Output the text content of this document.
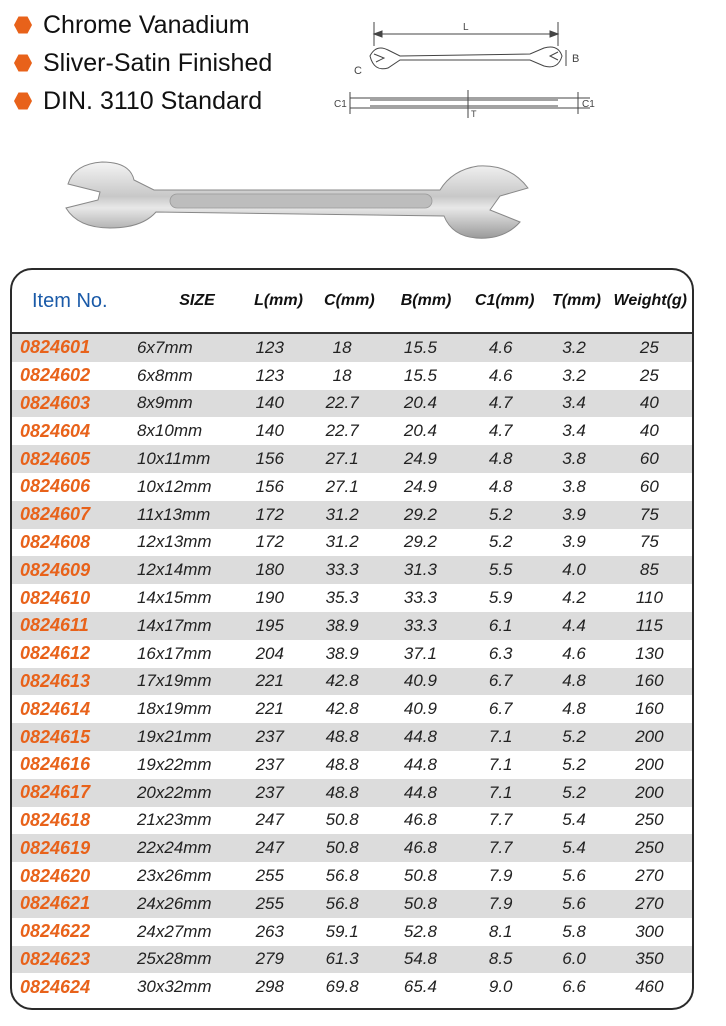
Chrome Vanadium
Sliver-Satin Finished
DIN. 3110 Standard
L
B
C
C1	C1
T
Item No.	SIZE	L(mm)	C(mm)	B(mm)	C1(mm)	T(mm) Weight(g)
0824601	6x7mm	123	18	15.5	4.6	3.2	25
0824602	6x8mm	123	18	15.5	4.6	3.2	25
0824603	8x9mm	140	22.7	20.4	4.7	3.4	40
0824604	8x10mm	140	22.7	20.4	4.7	3.4	40
0824605	10x11mm	156	27.1	24.9	4.8	3.8	60
0824606	10x12mm	156	27.1	24.9	4.8	3.8	60
0824607	11x13mm	172	31.2	29.2	5.2	3.9	75
0824608	12x13mm	172	31.2	29.2	5.2	3.9	75
0824609	12x14mm	180	33.3	31.3	5.5	4.0	85
0824610	14x15mm	190	35.3	33.3	5.9	4.2	110
0824611	14x17mm	195	38.9	33.3	6.1	4.4	115
0824612	16x17mm	204	38.9	37.1	6.3	4.6	130
0824613	17x19mm	221	42.8	40.9	6.7	4.8	160
0824614	18x19mm	221	42.8	40.9	6.7	4.8	160
0824615	19x21mm	237	48.8	44.8	7.1	5.2	200
0824616	19x22mm	237	48.8	44.8	7.1	5.2	200
0824617	20x22mm	237	48.8	44.8	7.1	5.2	200
0824618	21x23mm	247	50.8	46.8	7.7	5.4	250
0824619	22x24mm	247	50.8	46.8	7.7	5.4	250
0824620	23x26mm	255	56.8	50.8	7.9	5.6	270
0824621	24x26mm	255	56.8	50.8	7.9	5.6	270
0824622	24x27mm	263	59.1	52.8	8.1	5.8	300
0824623	25x28mm	279	61.3	54.8	8.5	6.0	350
0824624	30x32mm	298	69.8	65.4	9.0	6.6	460
